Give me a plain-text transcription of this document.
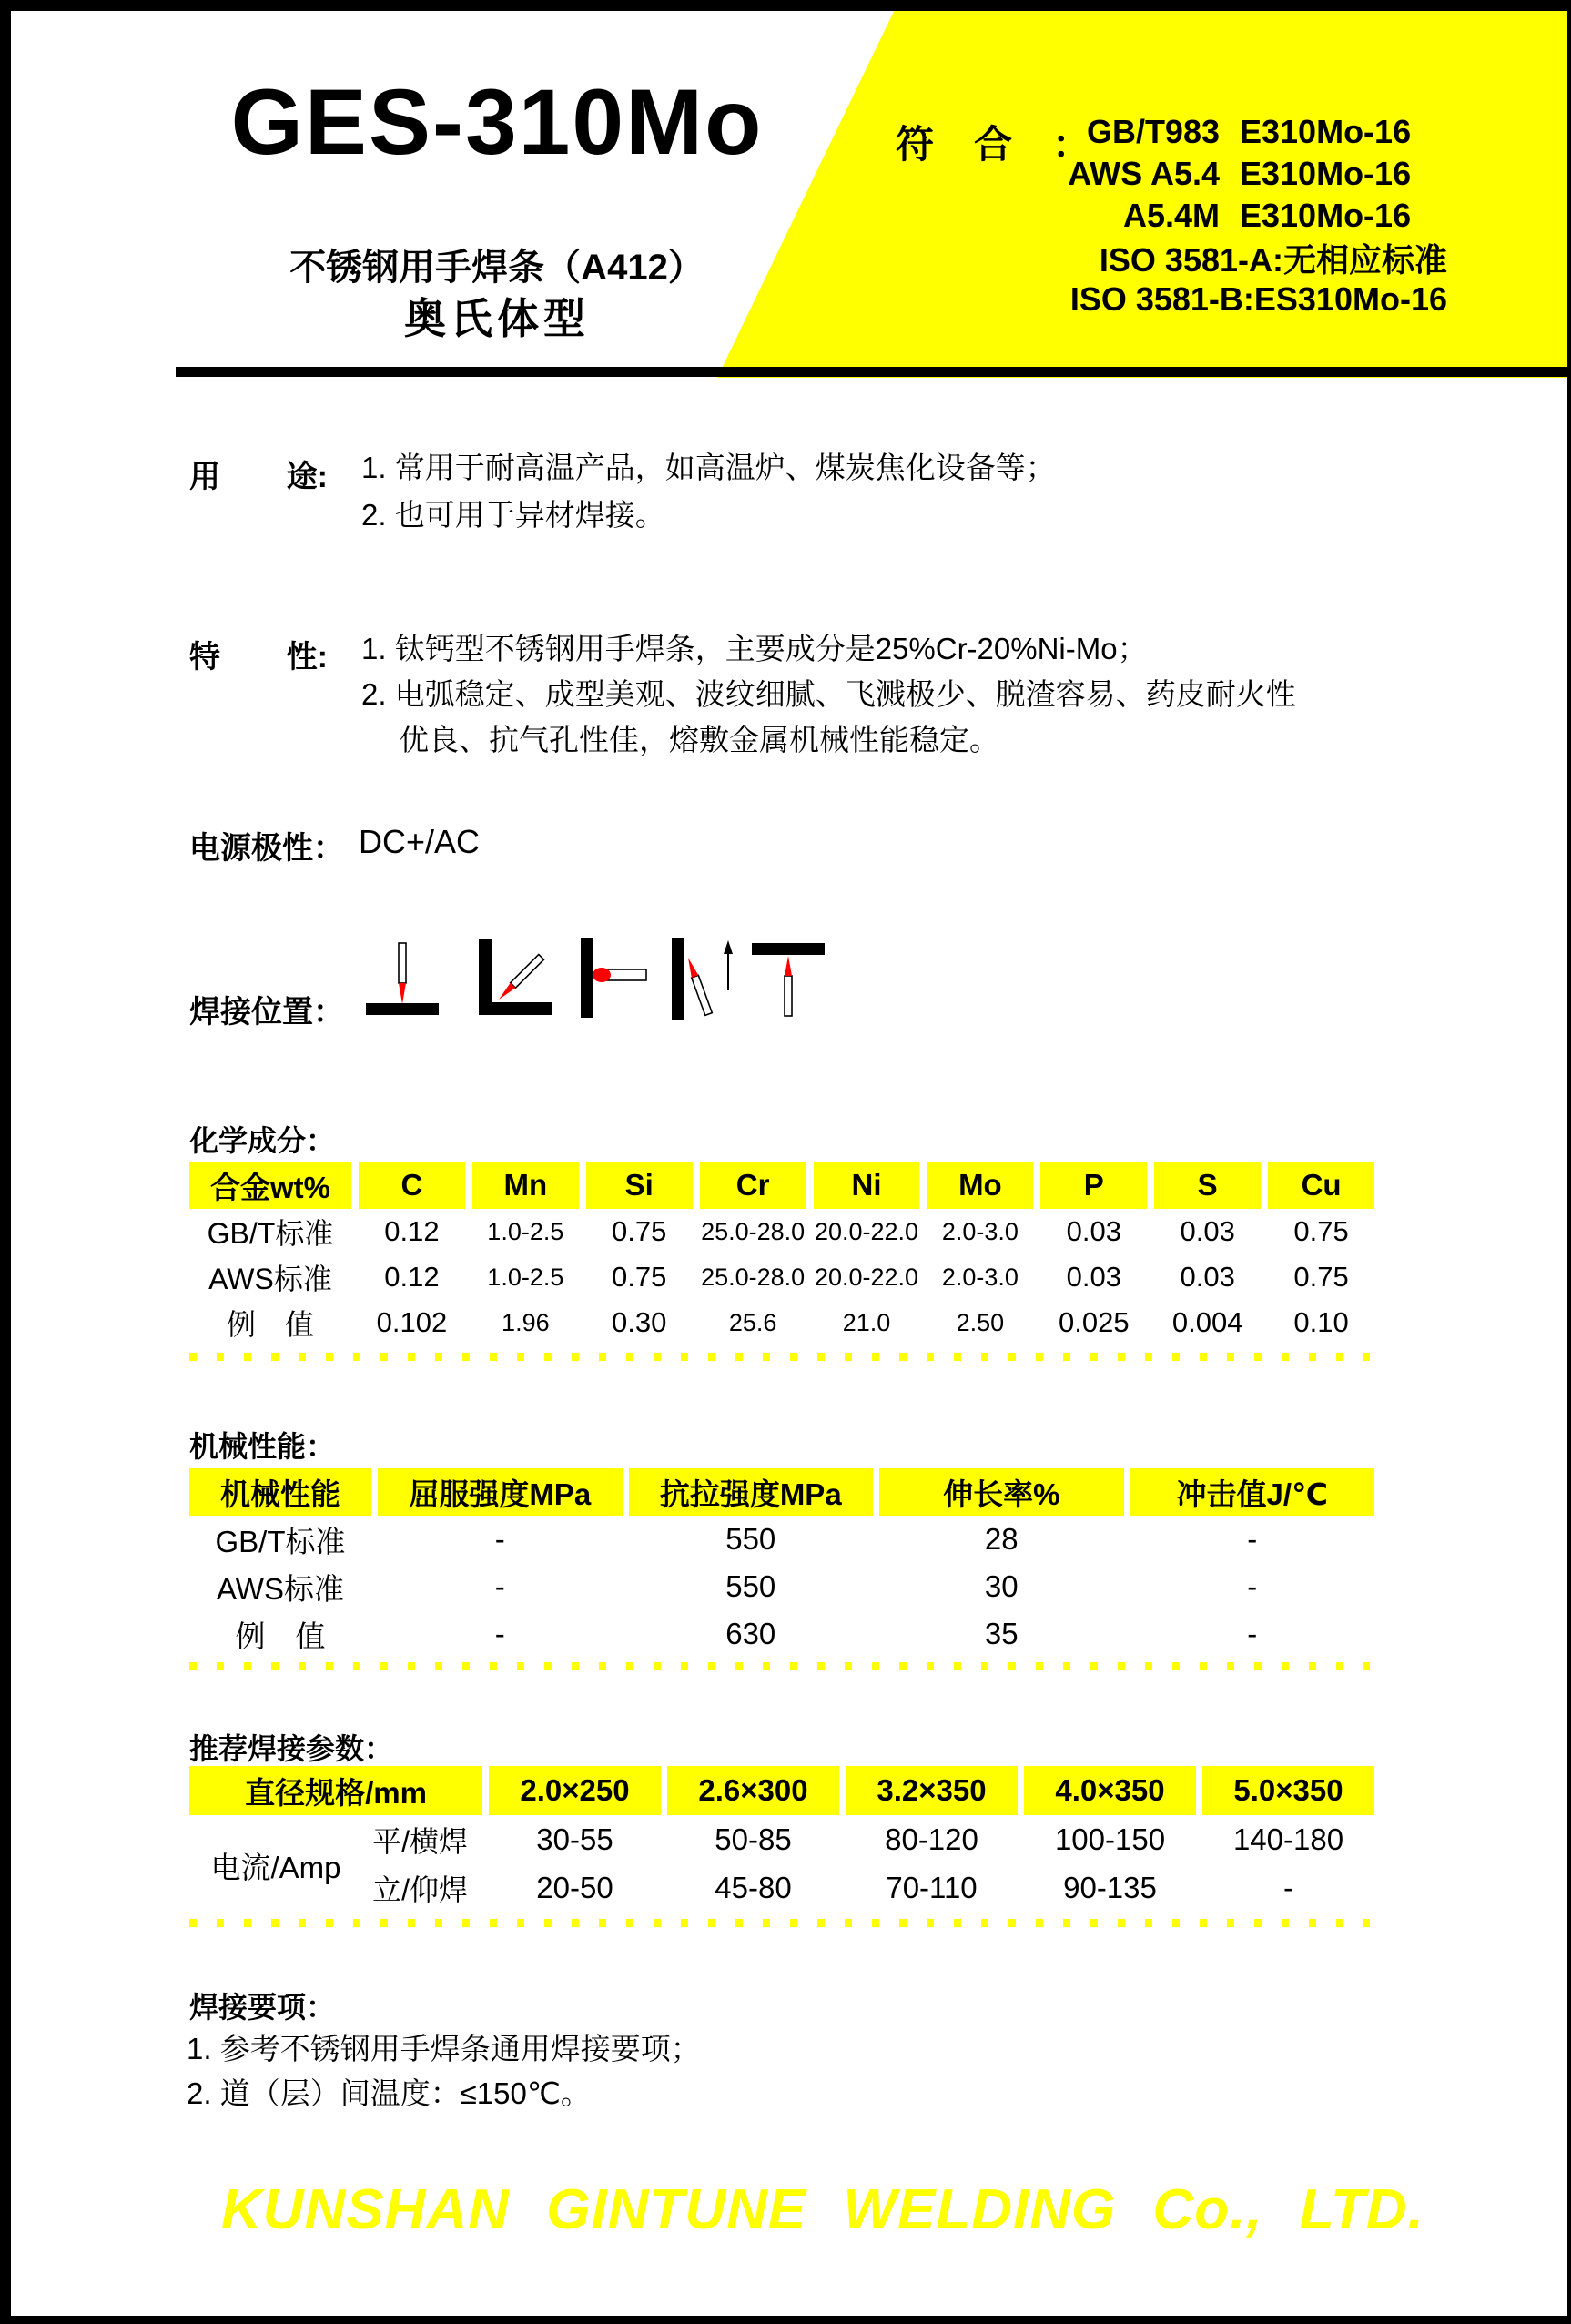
GES-310Mo
不锈钢用手焊条（A412）
奥氏体型
符合：
GB/T983 E310Mo-16
AWS A5.4 E310Mo-16
A5.4M E310Mo-16
ISO 3581-A:无相应标准
ISO 3581-B:ES310Mo-16
用 途: 1. 常用于耐高温产品，如高温炉、煤炭焦化设备等；
2. 也可用于异材焊接。
特 性: 1. 钛钙型不锈钢用手焊条，主要成分是25%Cr-20%Ni-Mo；
2. 电弧稳定、成型美观、波纹细腻、飞溅极少、脱渣容易、药皮耐火性
优良、抗气孔性佳，熔敷金属机械性能稳定。
电源极性： DC+/AC
焊接位置：
化学成分：
合金wt%	C	Mn	Si	Cr	Ni	Mo	P	S	Cu
GB/T标准	0.12	1.0-2.5	0.75	25.0-28.0 20.0-22.0 2.0-3.0	0.03	0.03	0.75
AWS标准	0.12	1.0-2.5	0.75	25.0-28.0 20.0-22.0 2.0-3.0	0.03	0.03	0.75
例　值	0.102	1.96	0.30	25.6	21.0	2.50	0.025	0.004	0.10
机械性能：
机械性能	屈服强度MPa	抗拉强度MPa	伸长率%	冲击值J/℃
GB/T标准	-	550	28	-
AWS标准	-	550	30	-
例　值	-	630	35	-
推荐焊接参数：
直径规格/mm	2.0×250	2.6×300	3.2×350	4.0×350	5.0×350
平/横焊	30-55	50-85	80-120	100-150	140-180
立/仰焊	20-50	45-80	70-110	90-135	-
电流/Amp
焊接要项：
1. 参考不锈钢用手焊条通用焊接要项；
2. 道（层）间温度：≤150℃。
KUNSHAN GINTUNE WELDING Co., LTD.
